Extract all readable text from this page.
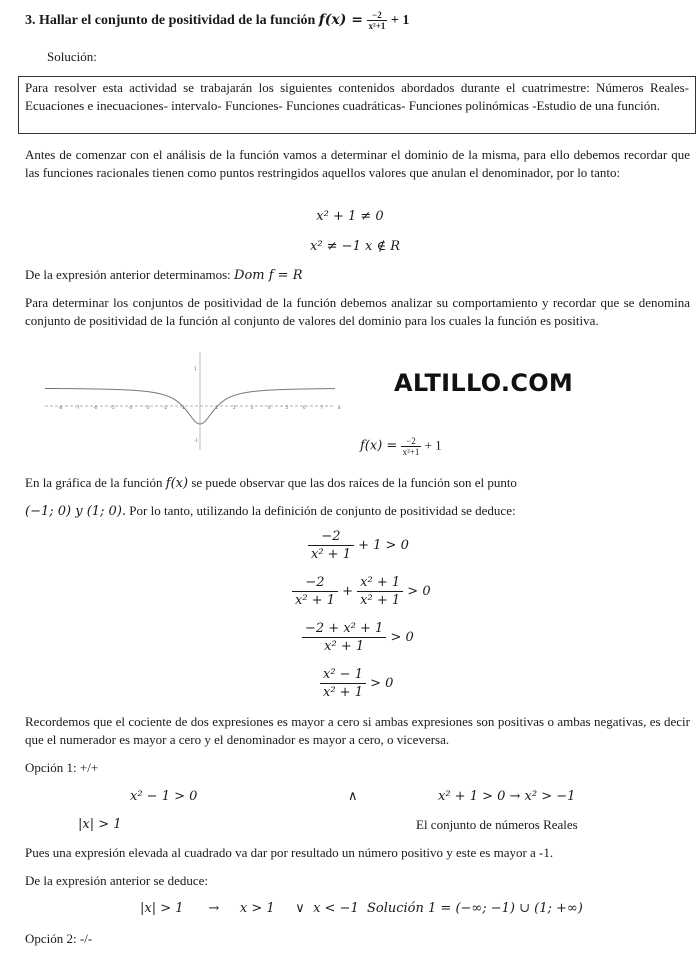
3. Hallar el conjunto de positividad de la función $f(x) = \frac{-2}{\text{x²+1}} + 1$
Solución:
Para resolver esta actividad se trabajarán los siguientes contenidos abordados durante el cuatrimestre: Números Reales- Ecuaciones e inecuaciones- intervalo- Funciones- Funciones cuadráticas- Funciones polinómicas -Estudio de una función.
Antes de comenzar con el análisis de la función vamos a determinar el dominio de la misma, para ello debemos recordar que las funciones racionales tienen como puntos restringidos aquellos valores que anulan el denominador, por lo tanto:
x² + 1 ≠ 0
x² ≠ −1 x ∉ R
De la expresión anterior determinamos: Dom f = R
Para determinar los conjuntos de positividad de la función debemos analizar su comportamiento y recordar que se denomina conjunto de positividad de la función al conjunto de valores del dominio para los cuales la función es positiva.
-8	-7	-6	-5	-4	-3	-2	-1	1	2	3	4	5	6	7	8
1
-1
ALTILLO.COM
$f(x) = \frac{-2}{\text{x²+1}} + 1$
En la gráfica de la función f(x) se puede observar que las dos raíces de la función son el punto
(−1; 0) y (1; 0). Por lo tanto, utilizando la definición de conjunto de positividad se deduce:
$\frac{-2}{\text{x² + 1}} + 1 > 0$
$\frac{-2}{\text{x² + 1}} + \frac{\text{x² + 1}}{\text{x² + 1}} > 0$
$\frac{\text{−2 + x² + 1}}{\text{x² + 1}} > 0$
$\frac{\text{x² − 1}}{\text{x² + 1}} > 0$
Recordemos que el cociente de dos expresiones es mayor a cero si ambas expresiones son positivas o ambas negativas, es decir que el numerador es mayor a cero y el denominador es mayor a cero, o viceversa.
Opción 1: +/+
x² − 1 > 0	∧	x² + 1 > 0 → x² > −1
|x| > 1	El conjunto de números Reales
Pues una expresión elevada al cuadrado va dar por resultado un número positivo y este es mayor a -1.
De la expresión anterior se deduce:
|x| > 1      →     x > 1     ∨  x < −1  Solución 1 = (−∞; −1) ∪ (1; +∞)
Opción 2: -/-
